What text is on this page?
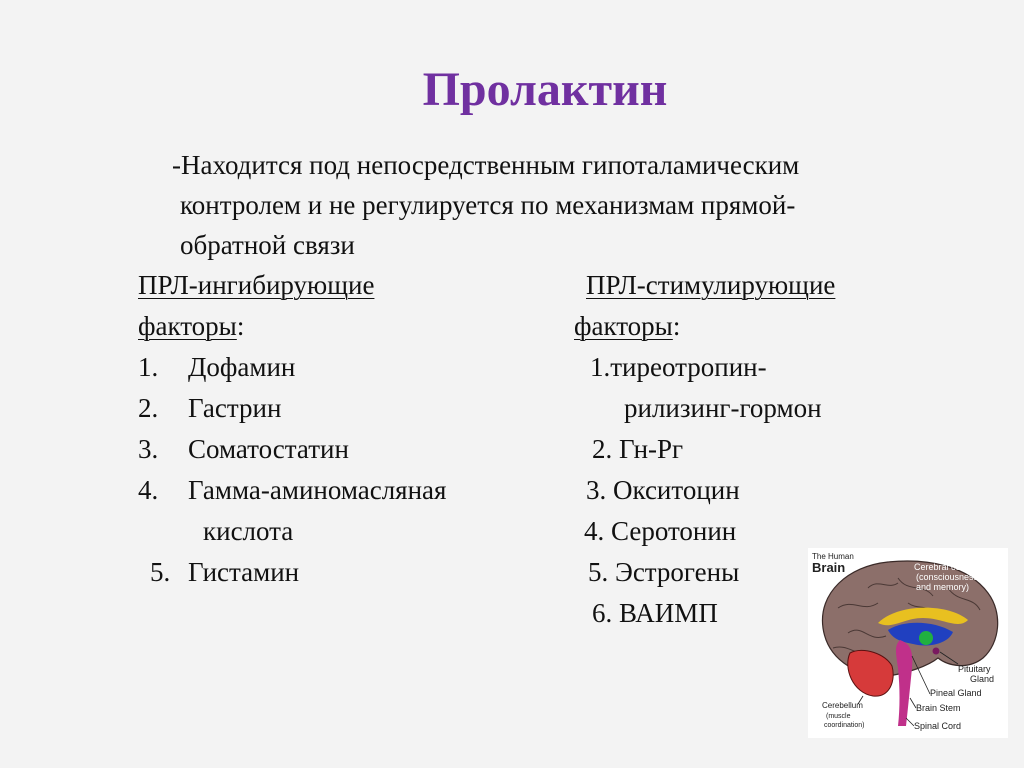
Пролактин
-Находится под непосредственным гипоталамическим
контролем и не регулируется по механизмам прямой-
обратной связи
ПРЛ-ингибирующие
факторы:
1. Дофамин
2. Гастрин
3. Соматостатин
4. Гамма-аминомасляная
кислота
5. Гистамин
ПРЛ-стимулирующие
факторы:
1.тиреотропин-
рилизинг-гормон
2. Гн-Рг
3. Окситоцин
4. Серотонин
5. Эстрогены
6. ВАИМП
The Human
Brain	Cerebral cortex
(consciousness
and memory)
Pituitary
Gland
Pineal Gland
Brain Stem
Spinal Cord
Cerebellum
(muscle
coordination)
